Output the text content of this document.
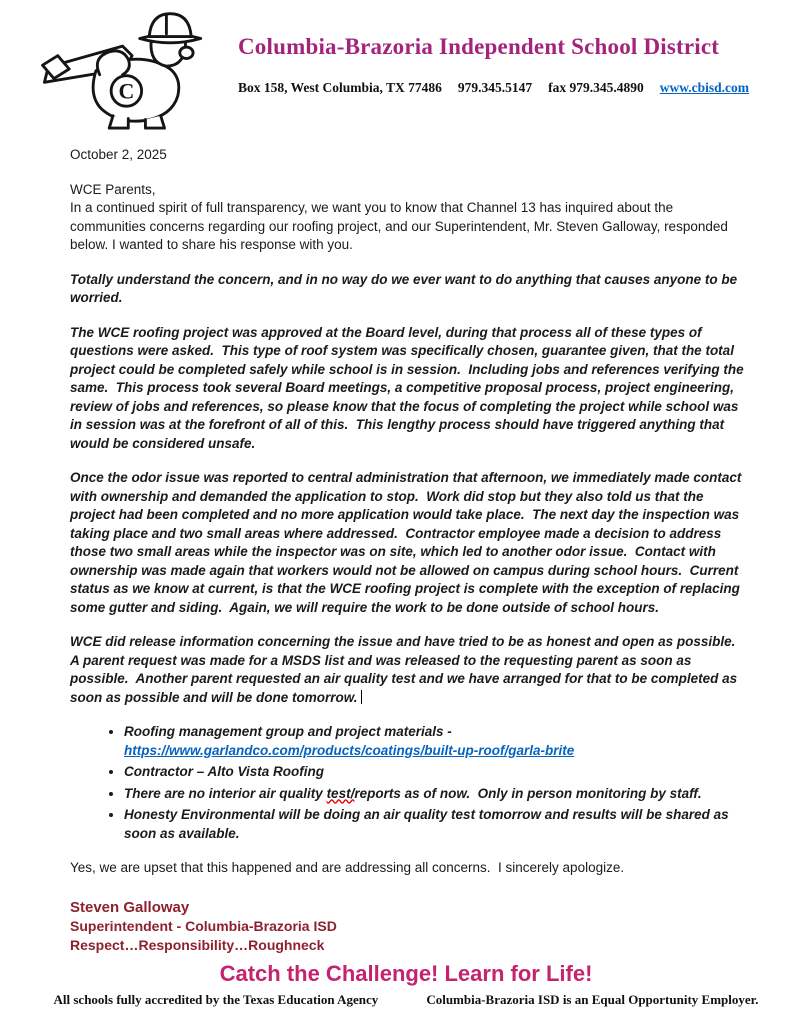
C
Columbia-Brazoria Independent School District
Box 158, West Columbia, TX 77486 979.345.5147 fax 979.345.4890 www.cbisd.com

October 2, 2025

WCE Parents,
In a continued spirit of full transparency, we want you to know that Channel 13 has inquired about the communities concerns regarding our roofing project, and our Superintendent, Mr. Steven Galloway, responded below. I wanted to share his response with you.

Totally understand the concern, and in no way do we ever want to do anything that causes anyone to be worried.

The WCE roofing project was approved at the Board level, during that process all of these types of questions were asked.  This type of roof system was specifically chosen, guarantee given, that the total project could be completed safely while school is in session.  Including jobs and references verifying the same.  This process took several Board meetings, a competitive proposal process, project engineering, review of jobs and references, so please know that the focus of completing the project while school was in session was at the forefront of all of this.  This lengthy process should have triggered anything that would be considered unsafe.

Once the odor issue was reported to central administration that afternoon, we immediately made contact with ownership and demanded the application to stop.  Work did stop but they also told us that the project had been completed and no more application would take place.  The next day the inspection was taking place and two small areas where addressed.  Contractor employee made a decision to address those two small areas while the inspector was on site, which led to another odor issue.  Contact with ownership was made again that workers would not be allowed on campus during school hours.  Current status as we know at current, is that the WCE roofing project is complete with the exception of replacing some gutter and siding.  Again, we will require the work to be done outside of school hours.

WCE did release information concerning the issue and have tried to be as honest and open as possible.  A parent request was made for a MSDS list and was released to the requesting parent as soon as possible.  Another parent requested an air quality test and we have arranged for that to be completed as soon as possible and will be done tomorrow.
• Roofing management group and project materials -
https://www.garlandco.com/products/coatings/built-up-roof/garla-brite
• Contractor – Alto Vista Roofing
• There are no interior air quality test/reports as of now.  Only in person monitoring by staff.
• Honesty Environmental will be doing an air quality test tomorrow and results will be shared as soon as available.

Yes, we are upset that this happened and are addressing all concerns.  I sincerely apologize.

Steven Galloway
Superintendent - Columbia-Brazoria ISD
Respect…Responsibility…Roughneck
Catch the Challenge! Learn for Life!
All schools fully accredited by the Texas Education Agency	Columbia-Brazoria ISD is an Equal Opportunity Employer.
